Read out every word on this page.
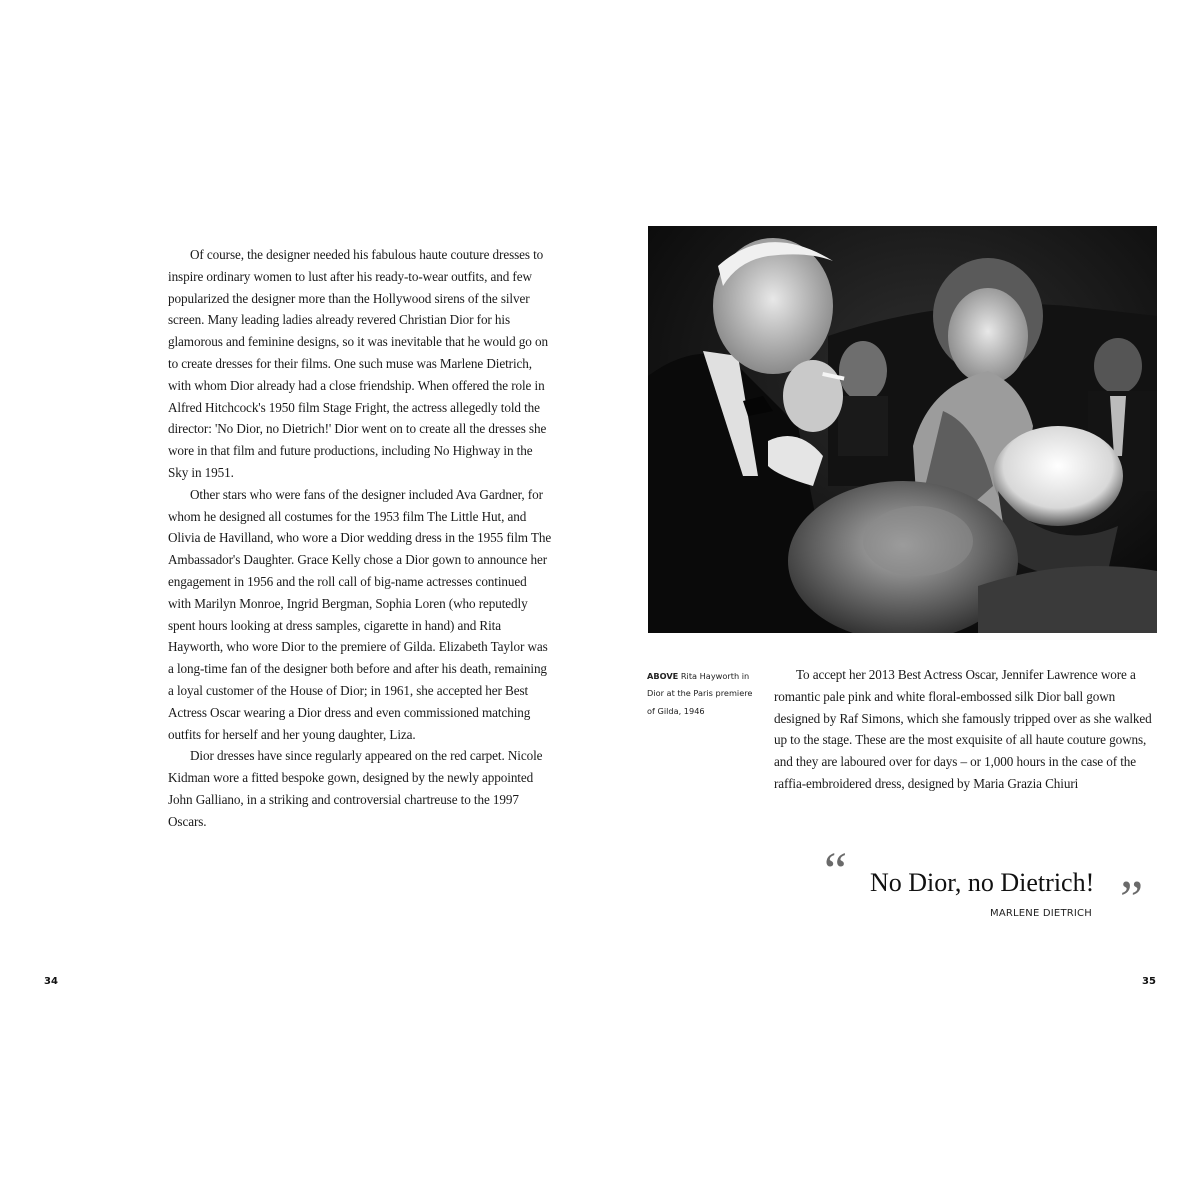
Of course, the designer needed his fabulous haute couture dresses to inspire ordinary women to lust after his ready-to-wear outfits, and few popularized the designer more than the Hollywood sirens of the silver screen. Many leading ladies already revered Christian Dior for his glamorous and feminine designs, so it was inevitable that he would go on to create dresses for their films. One such muse was Marlene Dietrich, with whom Dior already had a close friendship. When offered the role in Alfred Hitchcock's 1950 film Stage Fright, the actress allegedly told the director: 'No Dior, no Dietrich!' Dior went on to create all the dresses she wore in that film and future productions, including No Highway in the Sky in 1951.

Other stars who were fans of the designer included Ava Gardner, for whom he designed all costumes for the 1953 film The Little Hut, and Olivia de Havilland, who wore a Dior wedding dress in the 1955 film The Ambassador's Daughter. Grace Kelly chose a Dior gown to announce her engagement in 1956 and the roll call of big-name actresses continued with Marilyn Monroe, Ingrid Bergman, Sophia Loren (who reputedly spent hours looking at dress samples, cigarette in hand) and Rita Hayworth, who wore Dior to the premiere of Gilda. Elizabeth Taylor was a long-time fan of the designer both before and after his death, remaining a loyal customer of the House of Dior; in 1961, she accepted her Best Actress Oscar wearing a Dior dress and even commissioned matching outfits for herself and her young daughter, Liza.

Dior dresses have since regularly appeared on the red carpet. Nicole Kidman wore a fitted bespoke gown, designed by the newly appointed John Galliano, in a striking and controversial chartreuse to the 1997 Oscars.

34
ABOVE Rita Hayworth in Dior at the Paris premiere of Gilda, 1946

To accept her 2013 Best Actress Oscar, Jennifer Lawrence wore a romantic pale pink and white floral-embossed silk Dior ball gown designed by Raf Simons, which she famously tripped over as she walked up to the stage. These are the most exquisite of all haute couture gowns, and they are laboured over for days – or 1,000 hours in the case of the raffia-embroidered dress, designed by Maria Grazia Chiuri

“ No Dior, no Dietrich! ”
MARLENE DIETRICH
35
